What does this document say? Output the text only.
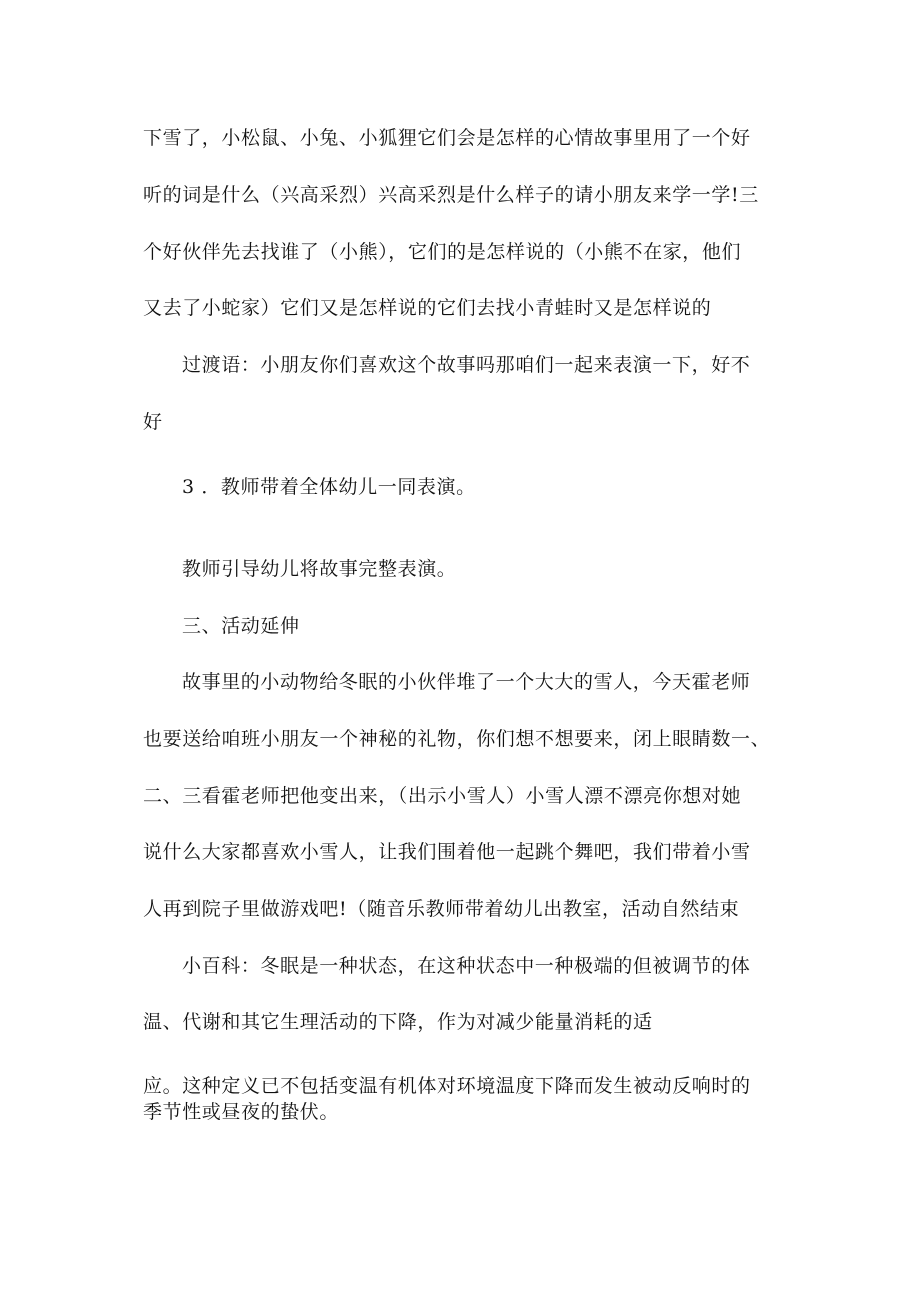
下雪了，小松鼠、小兔、小狐狸它们会是怎样的心情故事里用了一个好
听的词是什么（兴高采烈）兴高采烈是什么样子的请小朋友来学一学!三
个好伙伴先去找谁了（小熊），它们的是怎样说的（小熊不在家，他们
又去了小蛇家）它们又是怎样说的它们去找小青蛙时又是怎样说的
过渡语：小朋友你们喜欢这个故事吗那咱们一起来表演一下，好不
好
3 ．教师带着全体幼儿一同表演。
教师引导幼儿将故事完整表演。
三、活动延伸
故事里的小动物给冬眠的小伙伴堆了一个大大的雪人，今天霍老师
也要送给咱班小朋友一个神秘的礼物，你们想不想要来，闭上眼睛数一、
二、三看霍老师把他变出来，（出示小雪人）小雪人漂不漂亮你想对她
说什么大家都喜欢小雪人，让我们围着他一起跳个舞吧，我们带着小雪
人再到院子里做游戏吧!（随音乐教师带着幼儿出教室，活动自然结束
小百科：冬眠是一种状态，在这种状态中一种极端的但被调节的体
温、代谢和其它生理活动的下降，作为对减少能量消耗的适
应。这种定义已不包括变温有机体对环境温度下降而发生被动反响时的
季节性或昼夜的蛰伏。
